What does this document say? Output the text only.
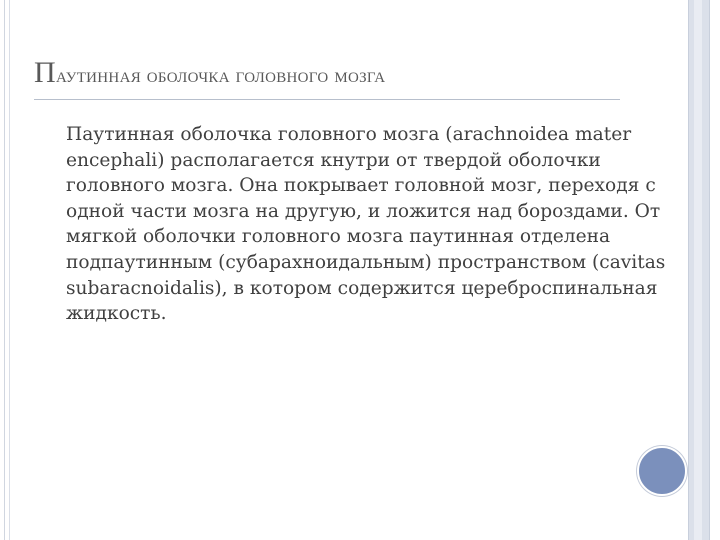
Паутинная оболочка головного мозга

Паутинная оболочка головного мозга (arachnoidea mater encephali) располагается кнутри от твердой оболочки головного мозга. Она покрывает головной мозг, переходя с одной части мозга на другую, и ложится над бороздами. От мягкой оболочки головного мозга паутинная отделена подпаутинным (субарахноидальным) пространством (cavitas subaracnoidalis), в котором содержится цереброспинальная жидкость.
